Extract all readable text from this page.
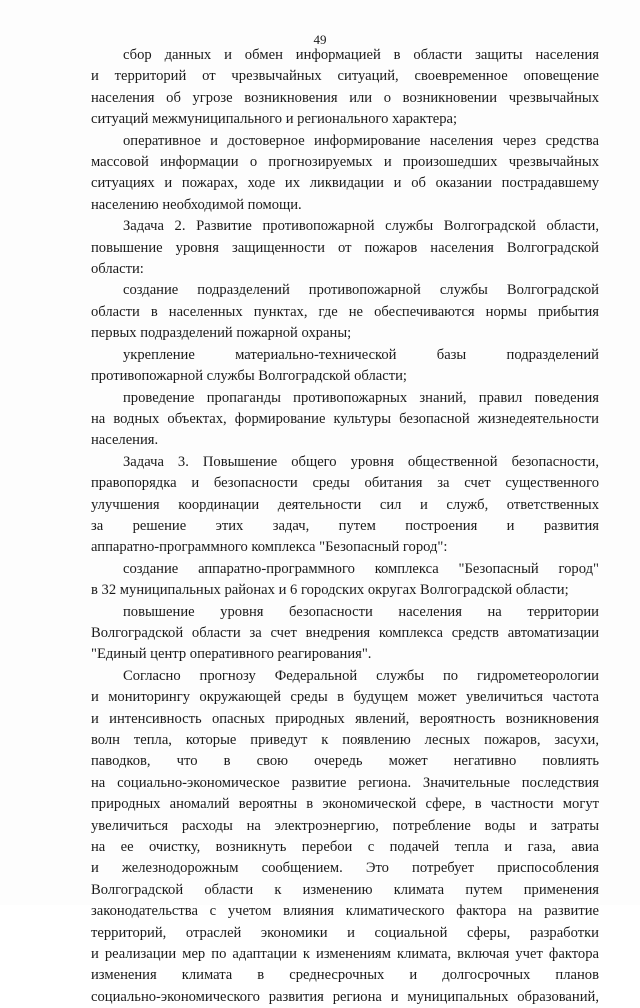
49
сбор данных и обмен информацией в области защиты населения
и территорий от чрезвычайных ситуаций, своевременное оповещение
населения об угрозе возникновения или о возникновении чрезвычайных
ситуаций межмуниципального и регионального характера;
оперативное и достоверное информирование населения через средства
массовой информации о прогнозируемых и произошедших чрезвычайных
ситуациях и пожарах, ходе их ликвидации и об оказании пострадавшему
населению необходимой помощи.
Задача 2. Развитие противопожарной службы Волгоградской области,
повышение уровня защищенности от пожаров населения Волгоградской
области:
создание подразделений противопожарной службы Волгоградской
области в населенных пунктах, где не обеспечиваются нормы прибытия
первых подразделений пожарной охраны;
укрепление материально-технической базы подразделений
противопожарной службы Волгоградской области;
проведение пропаганды противопожарных знаний, правил поведения
на водных объектах, формирование культуры безопасной жизнедеятельности
населения.
Задача 3. Повышение общего уровня общественной безопасности,
правопорядка и безопасности среды обитания за счет существенного
улучшения координации деятельности сил и служб, ответственных
за решение этих задач, путем построения и развития
аппаратно-программного комплекса "Безопасный город":
создание аппаратно-программного комплекса "Безопасный город"
в 32 муниципальных районах и 6 городских округах Волгоградской области;
повышение уровня безопасности населения на территории
Волгоградской области за счет внедрения комплекса средств автоматизации
"Единый центр оперативного реагирования".
Согласно прогнозу Федеральной службы по гидрометеорологии
и мониторингу окружающей среды в будущем может увеличиться частота
и интенсивность опасных природных явлений, вероятность возникновения
волн тепла, которые приведут к появлению лесных пожаров, засухи,
паводков, что в свою очередь может негативно повлиять
на социально-экономическое развитие региона. Значительные последствия
природных аномалий вероятны в экономической сфере, в частности могут
увеличиться расходы на электроэнергию, потребление воды и затраты
на ее очистку, возникнуть перебои с подачей тепла и газа, авиа
и железнодорожным сообщением. Это потребует приспособления
Волгоградской области к изменению климата путем применения
законодательства с учетом влияния климатического фактора на развитие
территорий, отраслей экономики и социальной сферы, разработки
и реализации мер по адаптации к изменениям климата, включая учет фактора
изменения климата в среднесрочных и долгосрочных планов
социально-экономического развития региона и муниципальных образований,
